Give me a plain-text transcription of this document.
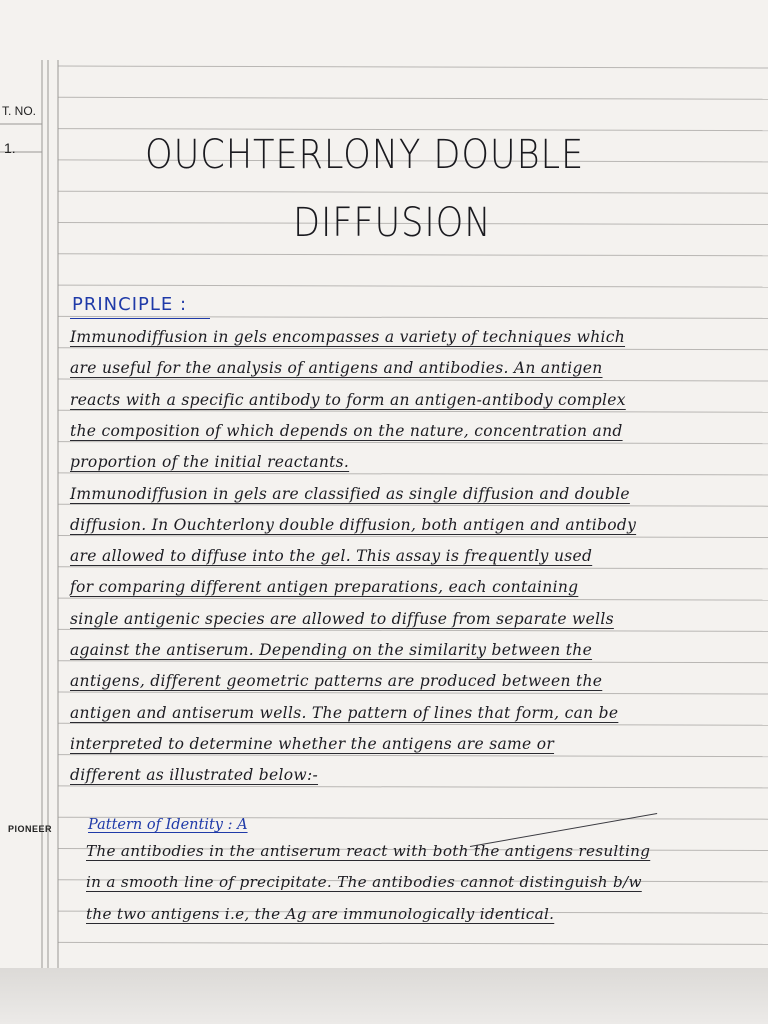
T. NO.
1.
PIONEER
OUCHTERLONY DOUBLE
DIFFUSION
PRINCIPLE :
Immunodiffusion in gels encompasses a variety of techniques which
are useful for the analysis of antigens and antibodies. An antigen
reacts with a specific antibody to form an antigen-antibody complex
the composition of which depends on the nature, concentration and
proportion of the initial reactants.
Immunodiffusion in gels are classified as single diffusion and double
diffusion. In Ouchterlony double diffusion, both antigen and antibody
are allowed to diffuse into the gel. This assay is frequently used
for comparing different antigen preparations, each containing
single antigenic species are allowed to diffuse from separate wells
against the antiserum. Depending on the similarity between the
antigens, different geometric patterns are produced between the
antigen and antiserum wells. The pattern of lines that form, can be
interpreted to determine whether the antigens are same or
different as illustrated below:-
Pattern of Identity : A
The antibodies in the antiserum react with both the antigens resulting
in a smooth line of precipitate. The antibodies cannot distinguish b/w
the two antigens i.e, the Ag are immunologically identical.
